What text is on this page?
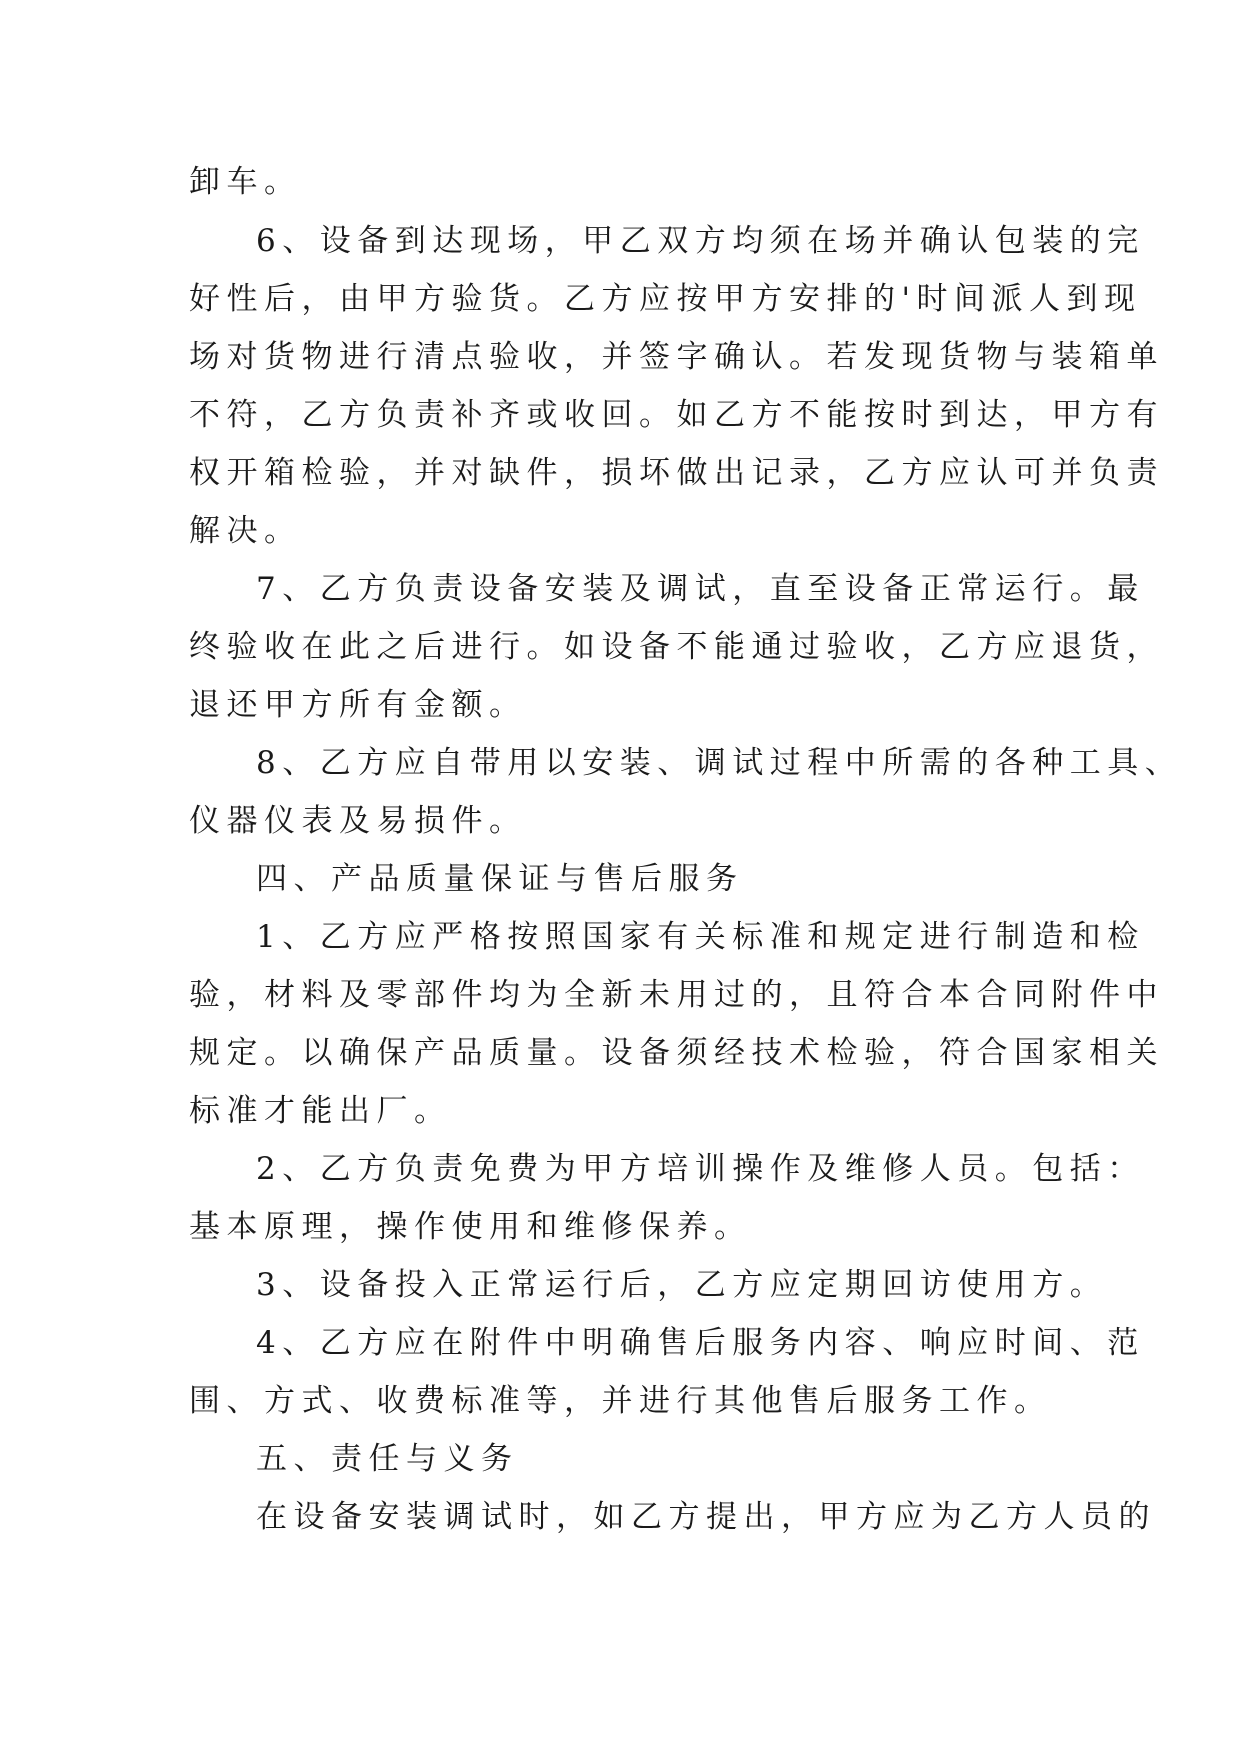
卸车。
6、设备到达现场，甲乙双方均须在场并确认包装的完
好性后，由甲方验货。乙方应按甲方安排的'时间派人到现
场对货物进行清点验收，并签字确认。若发现货物与装箱单
不符，乙方负责补齐或收回。如乙方不能按时到达，甲方有
权开箱检验，并对缺件，损坏做出记录，乙方应认可并负责
解决。
7、乙方负责设备安装及调试，直至设备正常运行。最
终验收在此之后进行。如设备不能通过验收，乙方应退货，
退还甲方所有金额。
8、乙方应自带用以安装、调试过程中所需的各种工具、
仪器仪表及易损件。
四、产品质量保证与售后服务
1、乙方应严格按照国家有关标准和规定进行制造和检
验，材料及零部件均为全新未用过的，且符合本合同附件中
规定。以确保产品质量。设备须经技术检验，符合国家相关
标准才能出厂。
2、乙方负责免费为甲方培训操作及维修人员。包括：
基本原理，操作使用和维修保养。
3、设备投入正常运行后，乙方应定期回访使用方。
4、乙方应在附件中明确售后服务内容、响应时间、范
围、方式、收费标准等，并进行其他售后服务工作。
五、责任与义务
在设备安装调试时，如乙方提出，甲方应为乙方人员的
